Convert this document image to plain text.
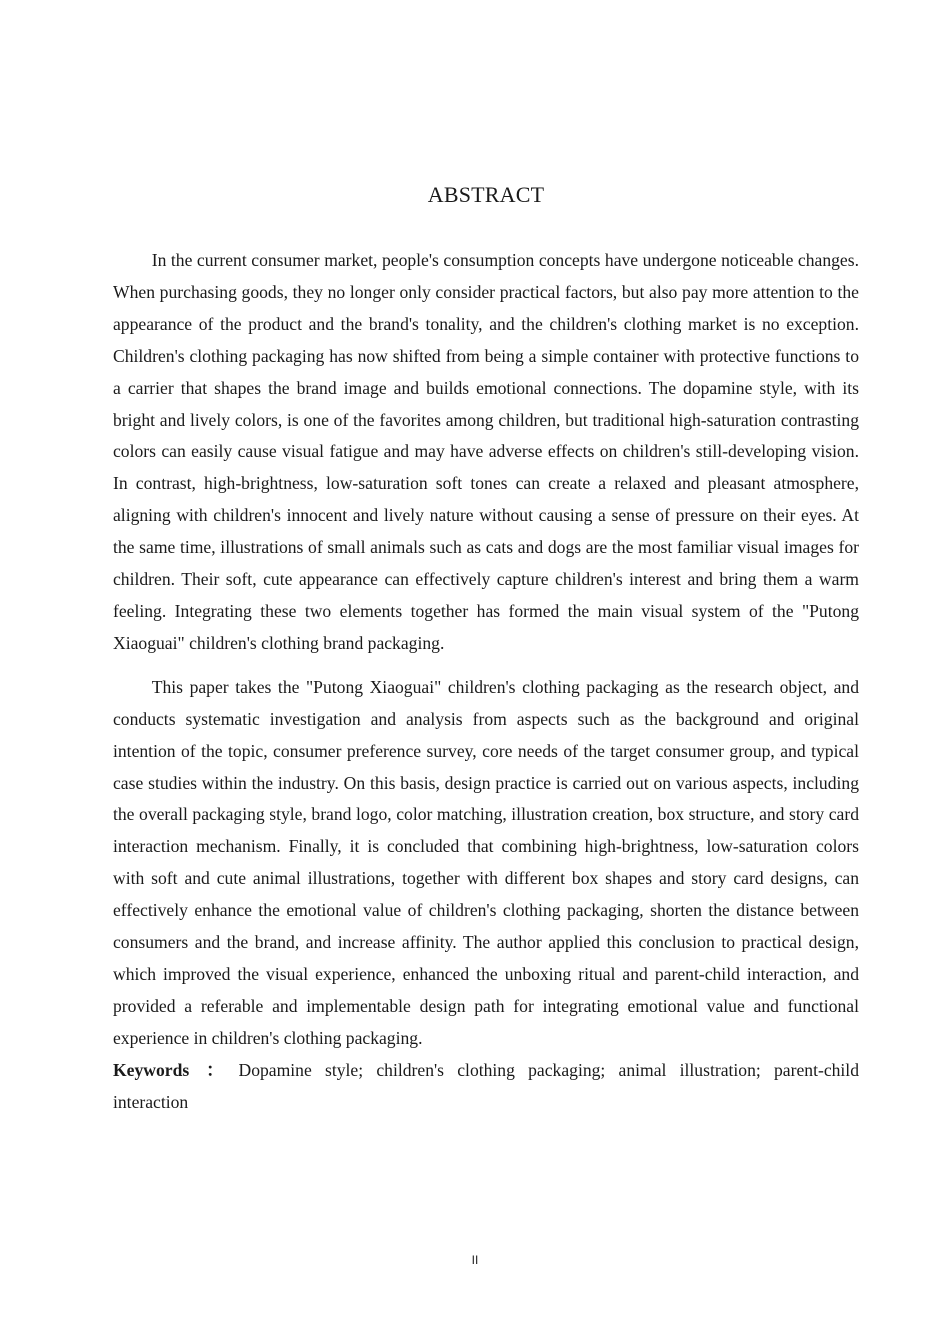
ABSTRACT

In the current consumer market, people's consumption concepts have undergone noticeable changes. When purchasing goods, they no longer only consider practical factors, but also pay more attention to the appearance of the product and the brand's tonality, and the children's clothing market is no exception. Children's clothing packaging has now shifted from being a simple container with protective functions to a carrier that shapes the brand image and builds emotional connections. The dopamine style, with its bright and lively colors, is one of the favorites among children, but traditional high-saturation contrasting colors can easily cause visual fatigue and may have adverse effects on children's still-developing vision. In contrast, high-brightness, low-saturation soft tones can create a relaxed and pleasant atmosphere, aligning with children's innocent and lively nature without causing a sense of pressure on their eyes. At the same time, illustrations of small animals such as cats and dogs are the most familiar visual images for children. Their soft, cute appearance can effectively capture children's interest and bring them a warm feeling. Integrating these two elements together has formed the main visual system of the "Putong Xiaoguai" children's clothing brand packaging.

This paper takes the "Putong Xiaoguai" children's clothing packaging as the research object, and conducts systematic investigation and analysis from aspects such as the background and original intention of the topic, consumer preference survey, core needs of the target consumer group, and typical case studies within the industry. On this basis, design practice is carried out on various aspects, including the overall packaging style, brand logo, color matching, illustration creation, box structure, and story card interaction mechanism. Finally, it is concluded that combining high-brightness, low-saturation colors with soft and cute animal illustrations, together with different box shapes and story card designs, can effectively enhance the emotional value of children's clothing packaging, shorten the distance between consumers and the brand, and increase affinity. The author applied this conclusion to practical design, which improved the visual experience, enhanced the unboxing ritual and parent-child interaction, and provided a referable and implementable design path for integrating emotional value and functional experience in children's clothing packaging.

Keywords ： Dopamine style; children's clothing packaging; animal illustration; parent-child interaction

II
